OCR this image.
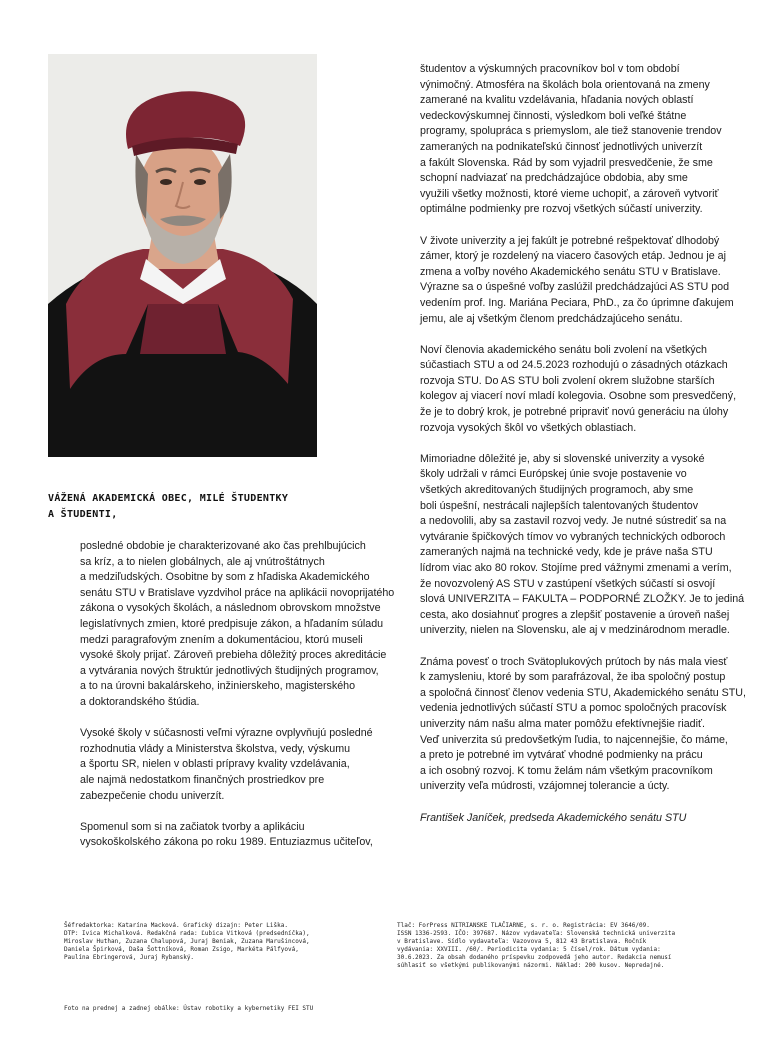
VÁŽENÁ AKADEMICKÁ OBEC, MILÉ ŠTUDENTKY
A ŠTUDENTI,

posledné obdobie je charakterizované ako čas prehlbujúcich
sa kríz, a to nielen globálnych, ale aj vnútroštátnych
a medziľudských. Osobitne by som z hľadiska Akademického
senátu STU v Bratislave vyzdvihol práce na aplikácii novoprijatého
zákona o vysokých školách, a následnom obrovskom množstve
legislatívnych zmien, ktoré predpisuje zákon, a hľadaním súladu
medzi paragrafovým znením a dokumentáciou, ktorú museli
vysoké školy prijať. Zároveň prebieha dôležitý proces akreditácie
a vytvárania nových štruktúr jednotlivých študijných programov,
a to na úrovni bakalárskeho, inžinierskeho, magisterského
a doktorandského štúdia.

Vysoké školy v súčasnosti veľmi výrazne ovplyvňujú posledné
rozhodnutia vlády a Ministerstva školstva, vedy, výskumu
a športu SR, nielen v oblasti prípravy kvality vzdelávania,
ale najmä nedostatkom finančných prostriedkov pre
zabezpečenie chodu univerzít.

Spomenul som si na začiatok tvorby a aplikáciu
vysokoškolského zákona po roku 1989. Entuziazmus učiteľov,

študentov a výskumných pracovníkov bol v tom období
výnimočný. Atmosféra na školách bola orientovaná na zmeny
zamerané na kvalitu vzdelávania, hľadania nových oblastí
vedeckovýskumnej činnosti, výsledkom boli veľké štátne
programy, spolupráca s priemyslom, ale tiež stanovenie trendov
zameraných na podnikateľskú činnosť jednotlivých univerzít
a fakúlt Slovenska. Rád by som vyjadril presvedčenie, že sme
schopní nadviazať na predchádzajúce obdobia, aby sme
využili všetky možnosti, ktoré vieme uchopiť, a zároveň vytvoriť
optimálne podmienky pre rozvoj všetkých súčastí univerzity.

V živote univerzity a jej fakúlt je potrebné rešpektovať dlhodobý
zámer, ktorý je rozdelený na viacero časových etáp. Jednou je aj
zmena a voľby nového Akademického senátu STU v Bratislave.
Výrazne sa o úspešné voľby zaslúžil predchádzajúci AS STU pod
vedením prof. Ing. Mariána Peciara, PhD., za čo úprimne ďakujem
jemu, ale aj všetkým členom predchádzajúceho senátu.

Noví členovia akademického senátu boli zvolení na všetkých
súčastiach STU a od 24.5.2023 rozhodujú o zásadných otázkach
rozvoja STU. Do AS STU boli zvolení okrem služobne starších
kolegov aj viacerí noví mladí kolegovia. Osobne som presvedčený,
že je to dobrý krok, je potrebné pripraviť novú generáciu na úlohy
rozvoja vysokých škôl vo všetkých oblastiach.

Mimoriadne dôležité je, aby si slovenské univerzity a vysoké
školy udržali v rámci Európskej únie svoje postavenie vo
všetkých akreditovaných študijných programoch, aby sme
boli úspešní, nestrácali najlepších talentovaných študentov
a nedovolili, aby sa zastavil rozvoj vedy. Je nutné sústrediť sa na
vytváranie špičkových tímov vo vybraných technických odboroch
zameraných najmä na technické vedy, kde je práve naša STU
lídrom viac ako 80 rokov. Stojíme pred vážnymi zmenami a verím,
že novozvolený AS STU v zastúpení všetkých súčastí si osvojí
slová UNIVERZITA – FAKULTA – PODPORNÉ ZLOŽKY. Je to jediná
cesta, ako dosiahnuť progres a zlepšiť postavenie a úroveň našej
univerzity, nielen na Slovensku, ale aj v medzinárodnom meradle.

Známa povesť o troch Svätoplukových prútoch by nás mala viesť
k zamysleniu, ktoré by som parafrázoval, že iba spoločný postup
a spoločná činnosť členov vedenia STU, Akademického senátu STU,
vedenia jednotlivých súčastí STU a pomoc spoločných pracovísk
univerzity nám našu alma mater pomôžu efektívnejšie riadiť.
Veď univerzita sú predovšetkým ľudia, to najcennejšie, čo máme,
a preto je potrebné im vytvárať vhodné podmienky na prácu
a ich osobný rozvoj. K tomu želám nám všetkým pracovníkom
univerzity veľa múdrosti, vzájomnej tolerancie a úcty.

František Janíček, predseda Akademického senátu STU

Šéfredaktorka: Katarína Macková. Grafický dizajn: Peter Liška.
DTP: Ivica Michalková. Redakčná rada: Ľubica Vitková (predsedníčka),
Miroslav Huthan, Zuzana Chalupová, Juraj Beniak, Zuzana Marušincová,
Daniela Špirková, Daša Šottníková, Roman Zsigo, Markéta Pálfyová,
Paulína Ebringerová, Juraj Rybanský.
Tlač: ForPress NITRIANSKE TLAČIARNE, s. r. o. Registrácia: EV 3646/09.
ISSN 1336-2593. IČO: 397687. Názov vydavateľa: Slovenská technická univerzita
v Bratislave. Sídlo vydavateľa: Vazovova 5, 812 43 Bratislava. Ročník
vydávania: XXVIII. /60/. Periodicita vydania: 5 čísel/rok. Dátum vydania:
30.6.2023. Za obsah dodaného príspevku zodpovedá jeho autor. Redakcia nemusí
súhlasiť so všetkými publikovanými názormi. Náklad: 200 kusov. Nepredajné.
Foto na prednej a zadnej obálke: Ústav robotiky a kybernetiky FEI STU
